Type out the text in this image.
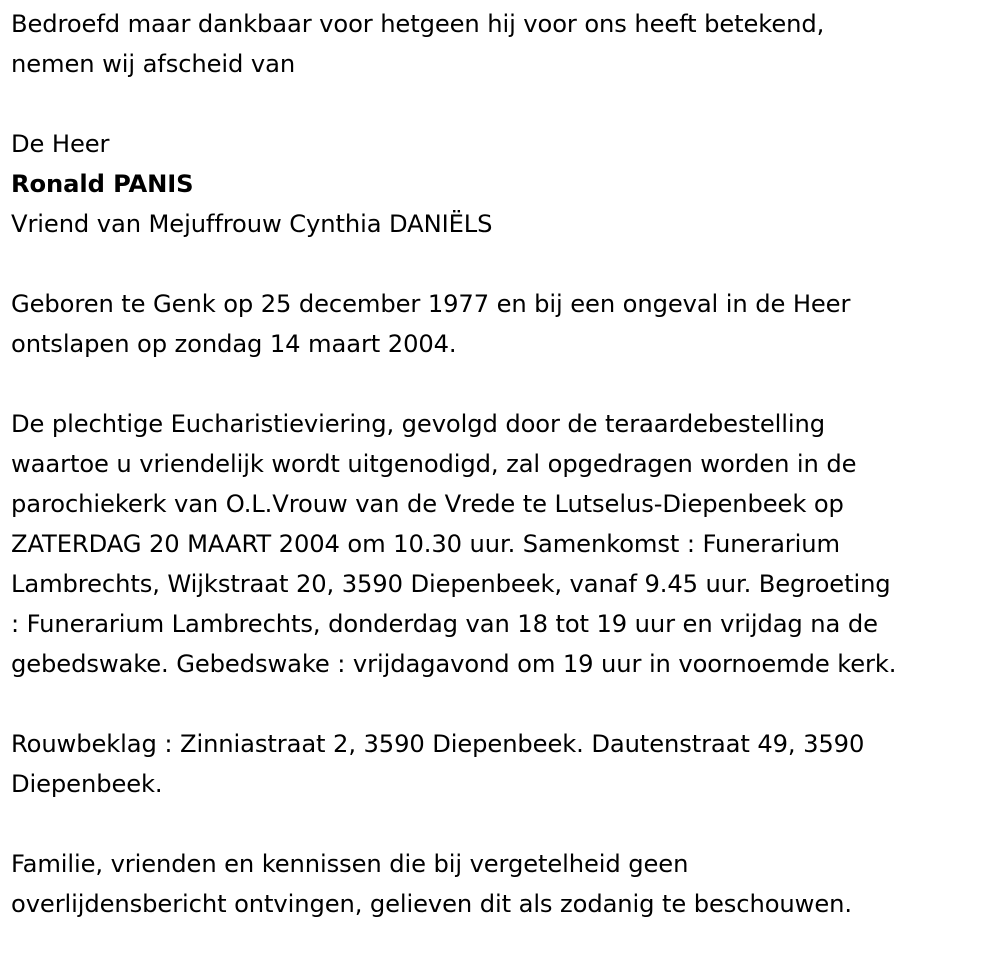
Bedroefd maar dankbaar voor hetgeen hij voor ons heeft betekend,
nemen wij afscheid van
De Heer
Ronald PANIS
Vriend van Mejuffrouw Cynthia DANIËLS
Geboren te Genk op 25 december 1977 en bij een ongeval in de Heer
ontslapen op zondag 14 maart 2004.
De plechtige Eucharistieviering, gevolgd door de teraardebestelling
waartoe u vriendelijk wordt uitgenodigd, zal opgedragen worden in de
parochiekerk van O.L.Vrouw van de Vrede te Lutselus-Diepenbeek op
ZATERDAG 20 MAART 2004 om 10.30 uur. Samenkomst : Funerarium
Lambrechts, Wijkstraat 20, 3590 Diepenbeek, vanaf 9.45 uur. Begroeting
: Funerarium Lambrechts, donderdag van 18 tot 19 uur en vrijdag na de
gebedswake. Gebedswake : vrijdagavond om 19 uur in voornoemde kerk.
Rouwbeklag : Zinniastraat 2, 3590 Diepenbeek. Dautenstraat 49, 3590
Diepenbeek.
Familie, vrienden en kennissen die bij vergetelheid geen
overlijdensbericht ontvingen, gelieven dit als zodanig te beschouwen.
